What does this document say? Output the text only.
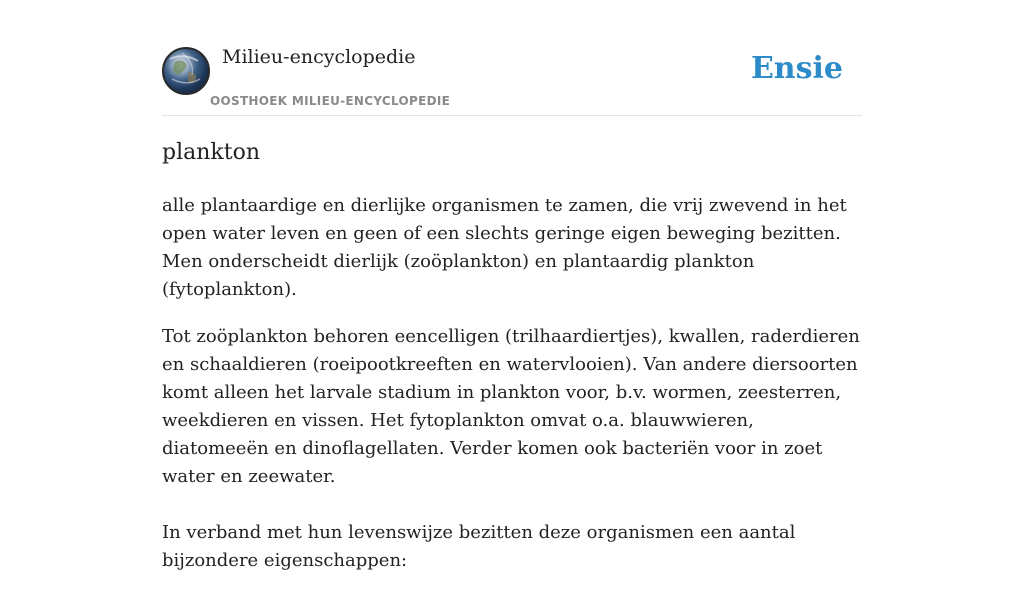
Milieu-encyclopedie
OOSTHOEK MILIEU-ENCYCLOPEDIE
Ensie
plankton

alle plantaardige en dierlijke organismen te zamen, die vrij zwevend in het open water leven en geen of een slechts geringe eigen beweging bezitten. Men onderscheidt dierlijk (zoöplankton) en plantaardig plankton (fytoplankton).

Tot zoöplankton behoren eencelligen (trilhaardiertjes), kwallen, raderdieren en schaaldieren (roeipootkreeften en watervlooien). Van andere diersoorten komt alleen het larvale stadium in plankton voor, b.v. wormen, zeesterren, weekdieren en vissen. Het fytoplankton omvat o.a. blauwwieren, diatomeeën en dinoflagellaten. Verder komen ook bacteriën voor in zoet water en zeewater.

In verband met hun levenswijze bezitten deze organismen een aantal bijzondere eigenschappen:
